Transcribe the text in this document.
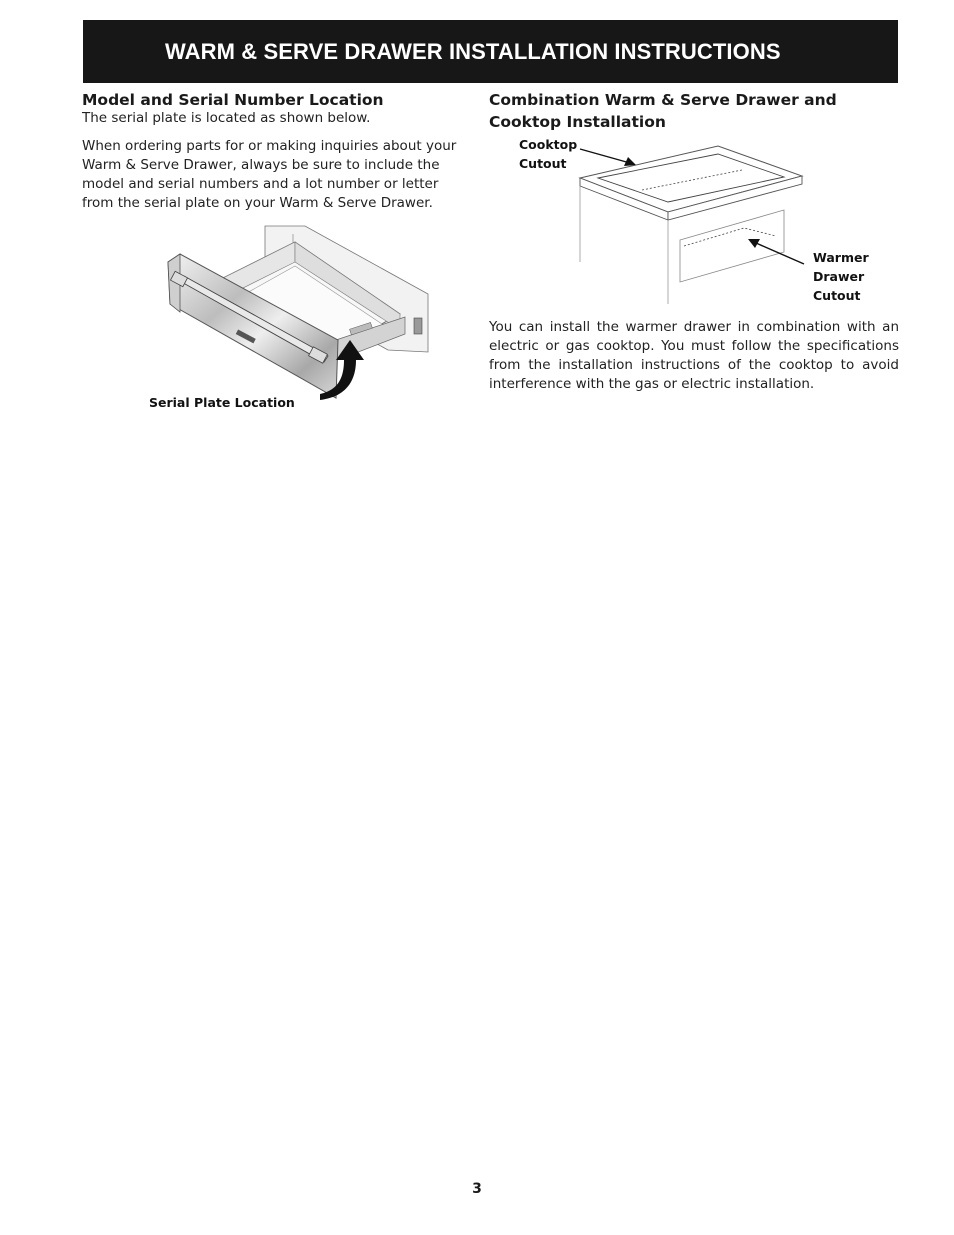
WARM & SERVE DRAWER INSTALLATION INSTRUCTIONS
Model and Serial Number Location

The serial plate is located as shown below.

When ordering parts for or making inquiries about your Warm & Serve Drawer, always be sure to include the model and serial numbers and a lot number or letter from the serial plate on your Warm & Serve Drawer.

Serial Plate Location
Combination Warm & Serve Drawer and
Cooktop Installation
Cooktop
Cutout
Warmer
Drawer
Cutout

You can install the warmer drawer in combination with an electric or gas cooktop. You must follow the specifications from the installation instructions of the cooktop to avoid interference with the gas or electric installation.

3
